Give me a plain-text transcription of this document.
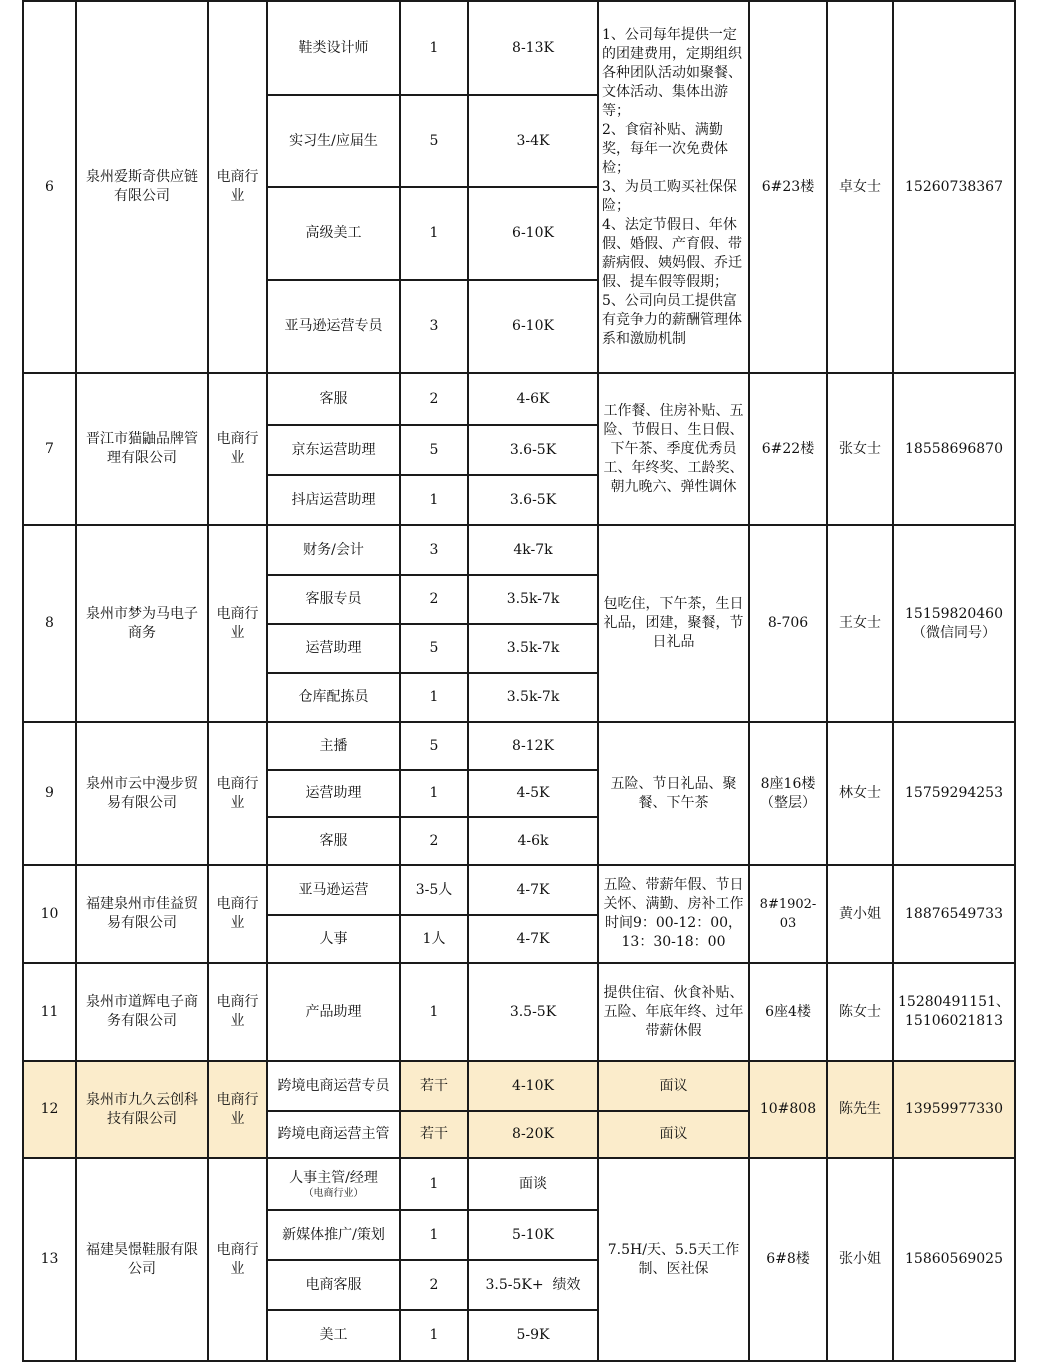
6	泉州爱斯奇供应链有限公司	电商行业	鞋类设计师	1	8-13K	1、公司每年提供一定的团建费用，定期组织各种团队活动如聚餐、文体活动、集体出游等；
2、食宿补贴、满勤奖，每年一次免费体检；
3、为员工购买社保保险；
4、法定节假日、年休假、婚假、产育假、带薪病假、姨妈假、乔迁假、提车假等假期；
5、公司向员工提供富有竞争力的薪酬管理体系和激励机制	6#23楼	卓女士	15260738367
			实习生/应届生	5	3-4K				
			高级美工	1	6-10K				
			亚马逊运营专员	3	6-10K				
7	晋江市猫鼬品牌管理有限公司	电商行业	客服	2	4-6K	工作餐、住房补贴、五险、节假日、生日假、下午茶、季度优秀员工、年终奖、工龄奖、朝九晚六、弹性调休	6#22楼	张女士	18558696870
			京东运营助理	5	3.6-5K				
			抖店运营助理	1	3.6-5K				
8	泉州市梦为马电子商务	电商行业	财务/会计	3	4k-7k	包吃住，下午茶，生日礼品，团建，聚餐，节日礼品	8-706	王女士	15159820460（微信同号）
			客服专员	2	3.5k-7k				
			运营助理	5	3.5k-7k				
			仓库配拣员	1	3.5k-7k				
9	泉州市云中漫步贸易有限公司	电商行业	主播	5	8-12K	五险、节日礼品、聚餐、下午茶	8座16楼（整层）	林女士	15759294253
			运营助理	1	4-5K				
			客服	2	4-6k				
10	福建泉州市佳益贸易有限公司	电商行业	亚马逊运营	3-5人	4-7K	五险、带薪年假、节日关怀、满勤、房补工作时间9：00-12：00，13：30-18：00	8#1902-03	黄小姐	18876549733
			人事	1人	4-7K				
11	泉州市道辉电子商务有限公司	电商行业	产品助理	1	3.5-5K	提供住宿、伙食补贴、五险、年底年终、过年带薪休假	6座4楼	陈女士	15280491151、15106021813
12	泉州市九久云创科技有限公司	电商行业	跨境电商运营专员	若干	4-10K	面议	10#808	陈先生	13959977330
			跨境电商运营主管	若干	8-20K	面议			
13	福建昊憬鞋服有限公司	电商行业	人事主管/经理
（电商行业）	1	面谈	7.5H/天、5.5天工作制、医社保	6#8楼	张小姐	15860569025
			新媒体推广/策划	1	5-10K				
			电商客服	2	3.5-5K+  绩效				
			美工	1	5-9K				
